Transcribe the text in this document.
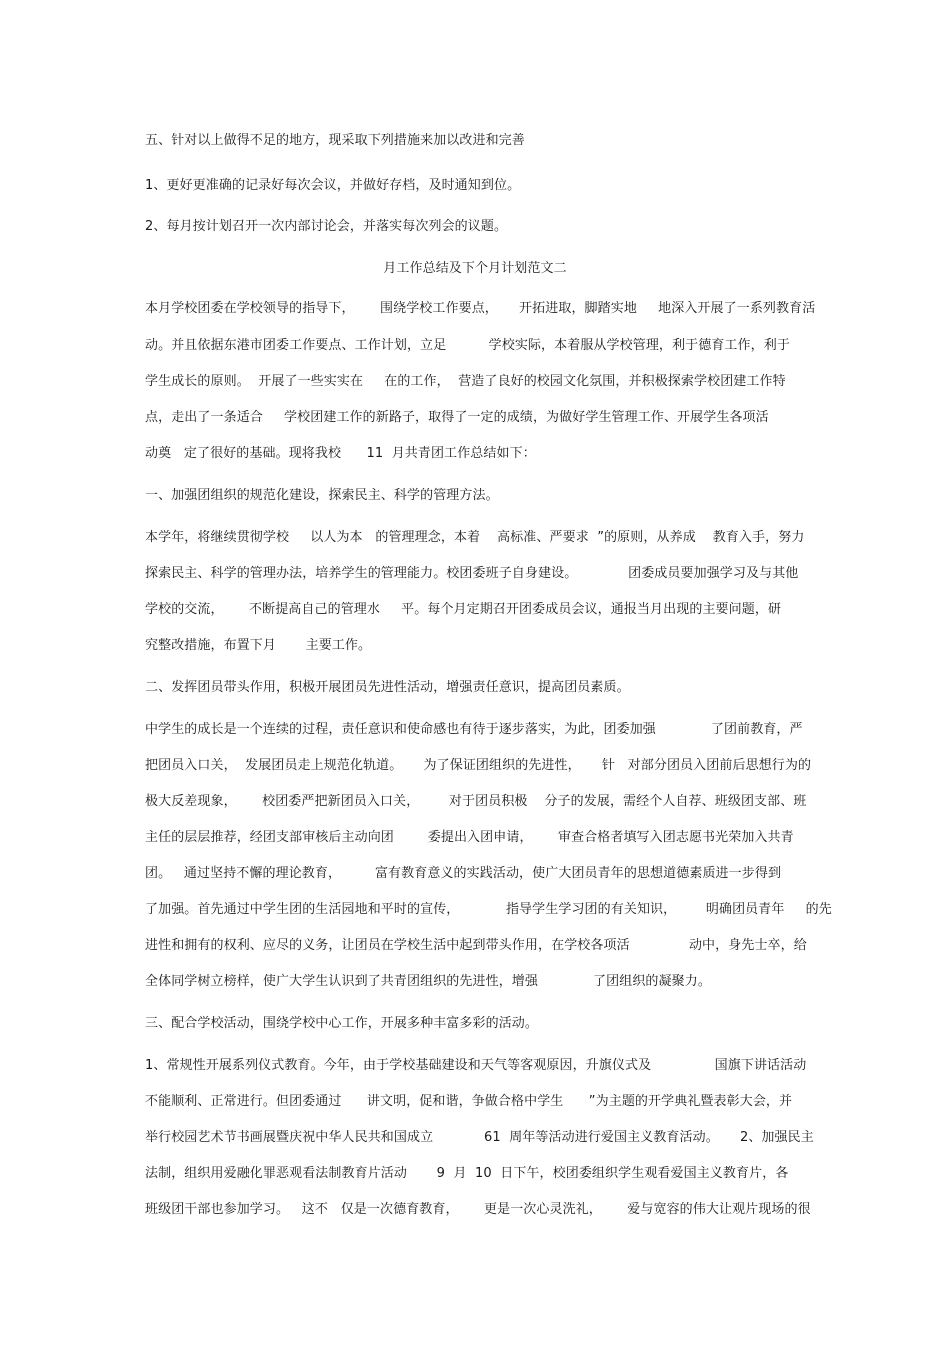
五、针对以上做得不足的地方，现采取下列措施来加以改进和完善
1、更好更准确的记录好每次会议，并做好存档，及时通知到位。
2、每月按计划召开一次内部讨论会，并落实每次列会的议题。
月工作总结及下个月计划范文二
本月学校团委在学校领导的指导下，      围绕学校工作要点，     开拓进取，脚踏实地     地深入开展了一系列教育活
动。并且依据东港市团委工作要点、工作计划，立足          学校实际，本着服从学校管理，利于德育工作，利于
学生成长的原则。  开展了一些实实在     在的工作，  营造了良好的校园文化氛围，并积极探索学校团建工作特
点，走出了一条适合     学校团建工作的新路子，取得了一定的成绩，为做好学生管理工作、开展学生各项活
动奠   定了很好的基础。现将我校      11  月共青团工作总结如下：
一、加强团组织的规范化建设，探索民主、科学的管理方法。
本学年，将继续贯彻学校     以人为本   的管理理念，本着    高标准、严要求  ”的原则，从养成    教育入手，努力
探索民主、科学的管理办法，培养学生的管理能力。校团委班子自身建设。            团委成员要加强学习及与其他
学校的交流，      不断提高自己的管理水     平。每个月定期召开团委成员会议，通报当月出现的主要问题，研
究整改措施，布置下月       主要工作。
二、发挥团员带头作用，积极开展团员先进性活动，增强责任意识，提高团员素质。
中学生的成长是一个连续的过程，责任意识和使命感也有待于逐步落实，为此，团委加强             了团前教育，严
把团员入口关，  发展团员走上规范化轨道。     为了保证团组织的先进性，     针   对部分团员入团前后思想行为的
极大反差现象，      校团委严把新团员入口关，       对于团员积极    分子的发展，需经个人自荐、班级团支部、班
主任的层层推荐，经团支部审核后主动向团        委提出入团申请，      审查合格者填写入团志愿书光荣加入共青
团。   通过坚持不懈的理论教育，        富有教育意义的实践活动，使广大团员青年的思想道德素质进一步得到
了加强。首先通过中学生团的生活园地和平时的宣传，           指导学生学习团的有关知识，       明确团员青年     的先
进性和拥有的权利、应尽的义务，让团员在学校生活中起到带头作用，在学校各项活              动中，身先士卒，给
全体同学树立榜样，使广大学生认识到了共青团组织的先进性，增强             了团组织的凝聚力。
三、配合学校活动，围绕学校中心工作，开展多种丰富多彩的活动。
1、常规性开展系列仪式教育。今年，由于学校基础建设和天气等客观原因，升旗仪式及               国旗下讲话活动
不能顺利、正常进行。但团委通过      讲文明，促和谐，争做合格中学生      ”为主题的开学典礼暨表彰大会，并
举行校园艺术节书画展暨庆祝中华人民共和国成立            61  周年等活动进行爱国主义教育活动。     2、加强民主
法制，组织用爱融化罪恶观看法制教育片活动       9  月  10  日下午，校团委组织学生观看爱国主义教育片，各
班级团干部也参加学习。   这不   仅是一次德育教育，      更是一次心灵洗礼，      爱与宽容的伟大让观片现场的很
